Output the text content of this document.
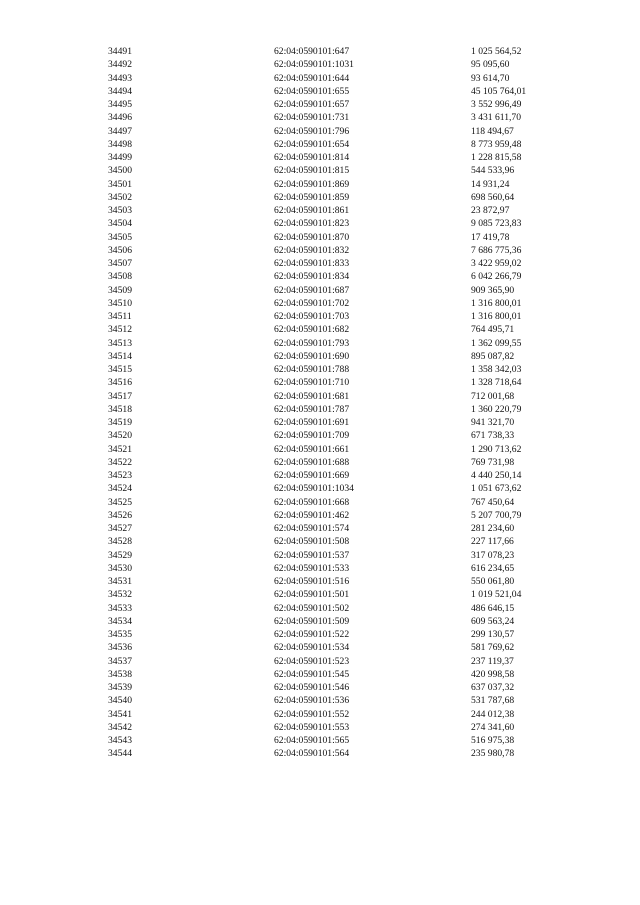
34491	62:04:0590101:647	1 025 564,52
34492	62:04:0590101:1031	95 095,60
34493	62:04:0590101:644	93 614,70
34494	62:04:0590101:655	45 105 764,01
34495	62:04:0590101:657	3 552 996,49
34496	62:04:0590101:731	3 431 611,70
34497	62:04:0590101:796	118 494,67
34498	62:04:0590101:654	8 773 959,48
34499	62:04:0590101:814	1 228 815,58
34500	62:04:0590101:815	544 533,96
34501	62:04:0590101:869	14 931,24
34502	62:04:0590101:859	698 560,64
34503	62:04:0590101:861	23 872,97
34504	62:04:0590101:823	9 085 723,83
34505	62:04:0590101:870	17 419,78
34506	62:04:0590101:832	7 686 775,36
34507	62:04:0590101:833	3 422 959,02
34508	62:04:0590101:834	6 042 266,79
34509	62:04:0590101:687	909 365,90
34510	62:04:0590101:702	1 316 800,01
34511	62:04:0590101:703	1 316 800,01
34512	62:04:0590101:682	764 495,71
34513	62:04:0590101:793	1 362 099,55
34514	62:04:0590101:690	895 087,82
34515	62:04:0590101:788	1 358 342,03
34516	62:04:0590101:710	1 328 718,64
34517	62:04:0590101:681	712 001,68
34518	62:04:0590101:787	1 360 220,79
34519	62:04:0590101:691	941 321,70
34520	62:04:0590101:709	671 738,33
34521	62:04:0590101:661	1 290 713,62
34522	62:04:0590101:688	769 731,98
34523	62:04:0590101:669	4 440 250,14
34524	62:04:0590101:1034	1 051 673,62
34525	62:04:0590101:668	767 450,64
34526	62:04:0590101:462	5 207 700,79
34527	62:04:0590101:574	281 234,60
34528	62:04:0590101:508	227 117,66
34529	62:04:0590101:537	317 078,23
34530	62:04:0590101:533	616 234,65
34531	62:04:0590101:516	550 061,80
34532	62:04:0590101:501	1 019 521,04
34533	62:04:0590101:502	486 646,15
34534	62:04:0590101:509	609 563,24
34535	62:04:0590101:522	299 130,57
34536	62:04:0590101:534	581 769,62
34537	62:04:0590101:523	237 119,37
34538	62:04:0590101:545	420 998,58
34539	62:04:0590101:546	637 037,32
34540	62:04:0590101:536	531 787,68
34541	62:04:0590101:552	244 012,38
34542	62:04:0590101:553	274 341,60
34543	62:04:0590101:565	516 975,38
34544	62:04:0590101:564	235 980,78
